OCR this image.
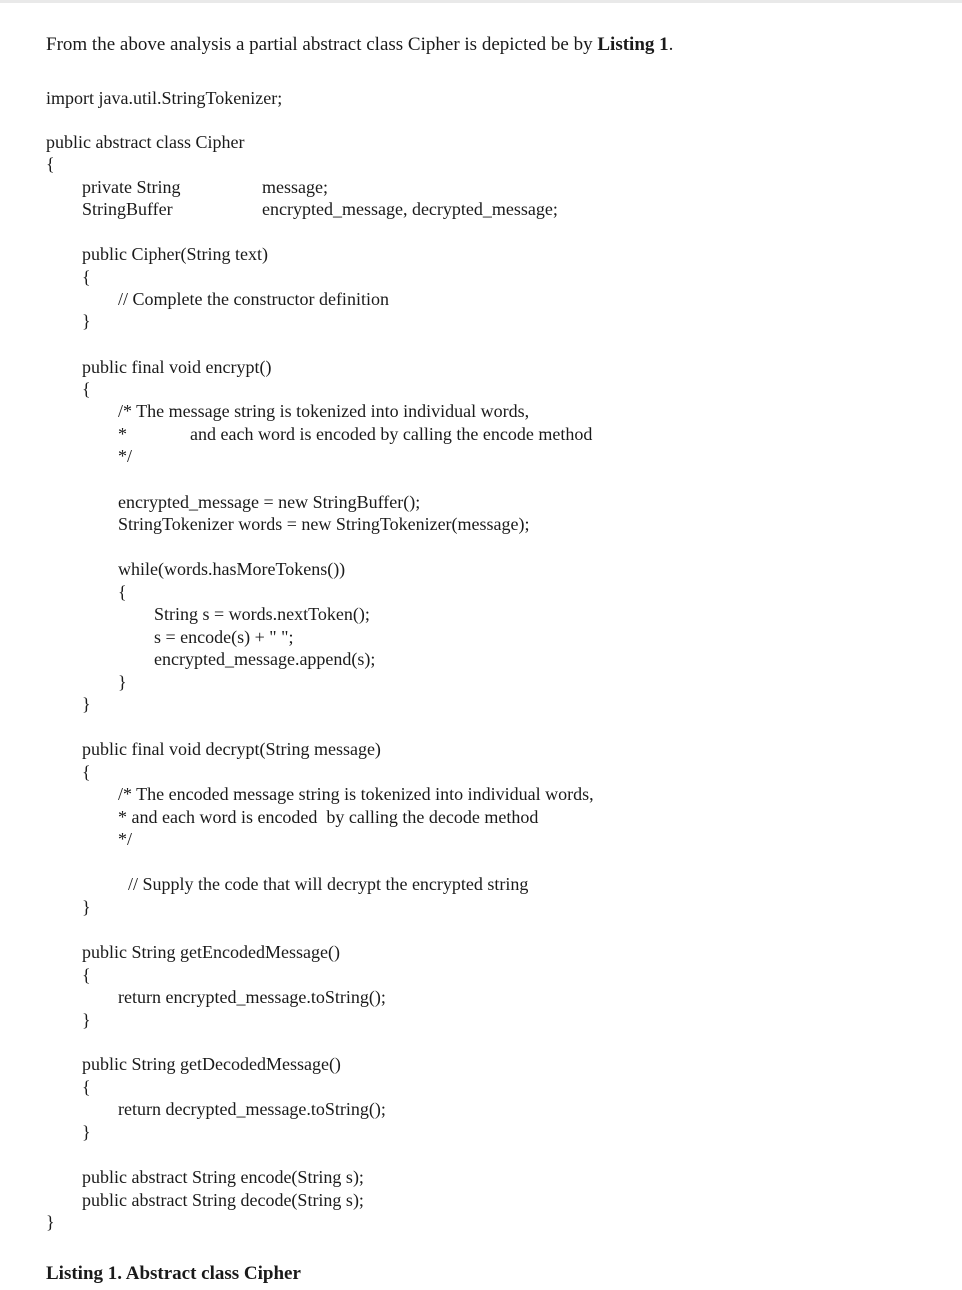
From the above analysis a partial abstract class Cipher is depicted be by Listing 1.
import java.util.StringTokenizer;
public abstract class Cipher
{
private String	message;
StringBuffer	encrypted_message, decrypted_message;
public Cipher(String text)
{
// Complete the constructor definition
}
public final void encrypt()
{
/* The message string is tokenized into individual words,
*	and each word is encoded by calling the encode method
*/
encrypted_message = new StringBuffer();
StringTokenizer words = new StringTokenizer(message);
while(words.hasMoreTokens())
{
String s = words.nextToken();
s = encode(s) + " ";
encrypted_message.append(s);
}
}
public final void decrypt(String message)
{
/* The encoded message string is tokenized into individual words,
* and each word is encoded  by calling the decode method
*/
// Supply the code that will decrypt the encrypted string
}
public String getEncodedMessage()
{
return encrypted_message.toString();
}
public String getDecodedMessage()
{
return decrypted_message.toString();
}
public abstract String encode(String s);
public abstract String decode(String s);
}
Listing 1. Abstract class Cipher
